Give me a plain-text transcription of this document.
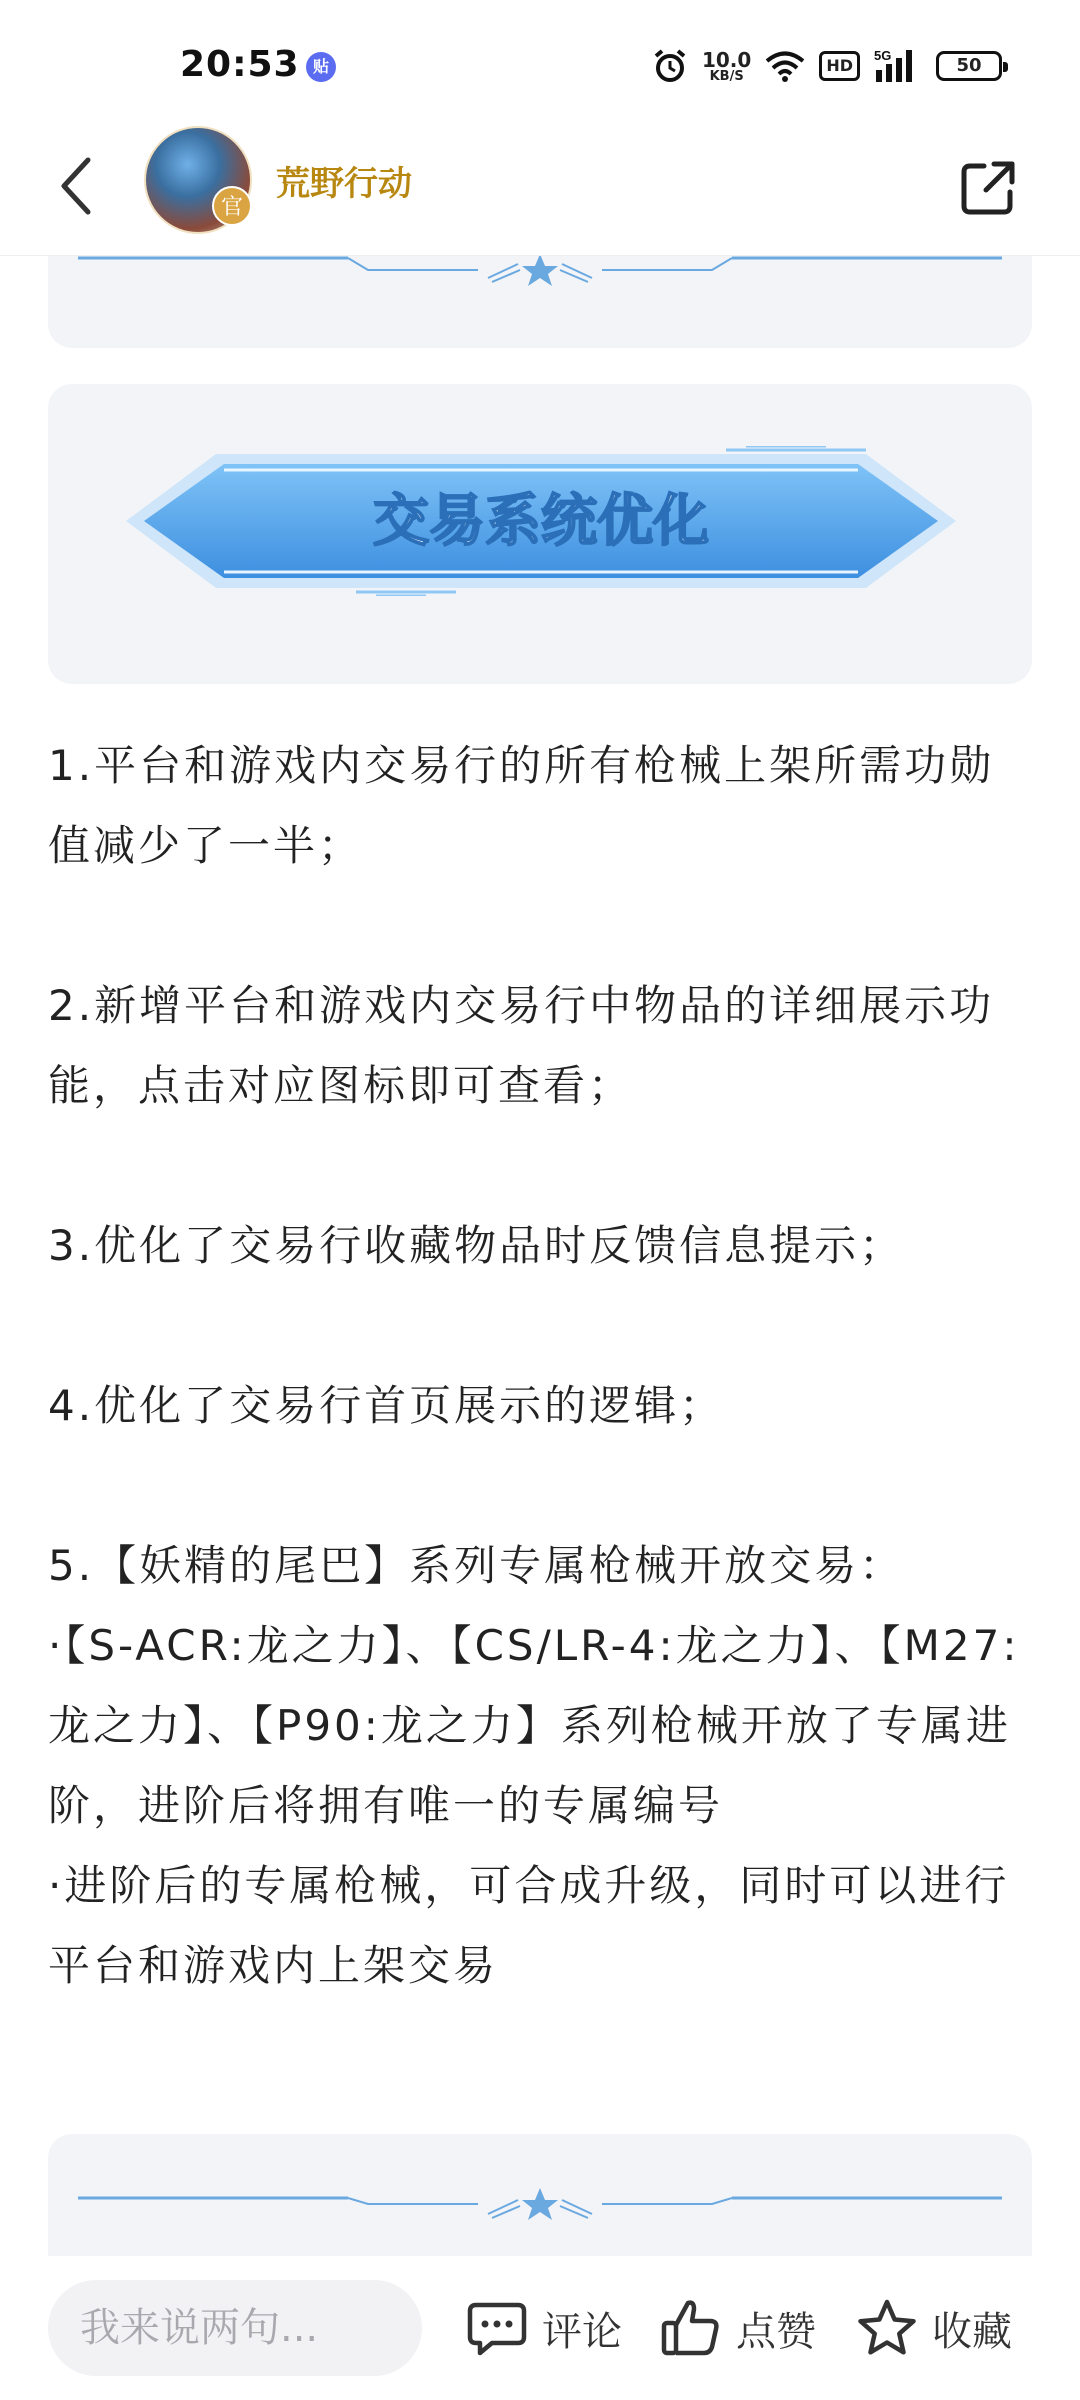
20:53 贴	10.0
KB/S
HD
5G	50
官
荒野行动
交易系统优化

1.平台和游戏内交易行的所有枪械上架所需功勋值减少了一半；

2.新增平台和游戏内交易行中物品的详细展示功能，点击对应图标即可查看；

3.优化了交易行收藏物品时反馈信息提示；

4.优化了交易行首页展示的逻辑；

5.【妖精的尾巴】系列专属枪械开放交易：

·【S-ACR:龙之力】、【CS/LR-4:龙之力】、【M27:龙之力】、【P90:龙之力】系列枪械开放了专属进阶，进阶后将拥有唯一的专属编号

·进阶后的专属枪械，可合成升级，同时可以进行平台和游戏内上架交易

我来说两句...	评论	点赞	收藏
